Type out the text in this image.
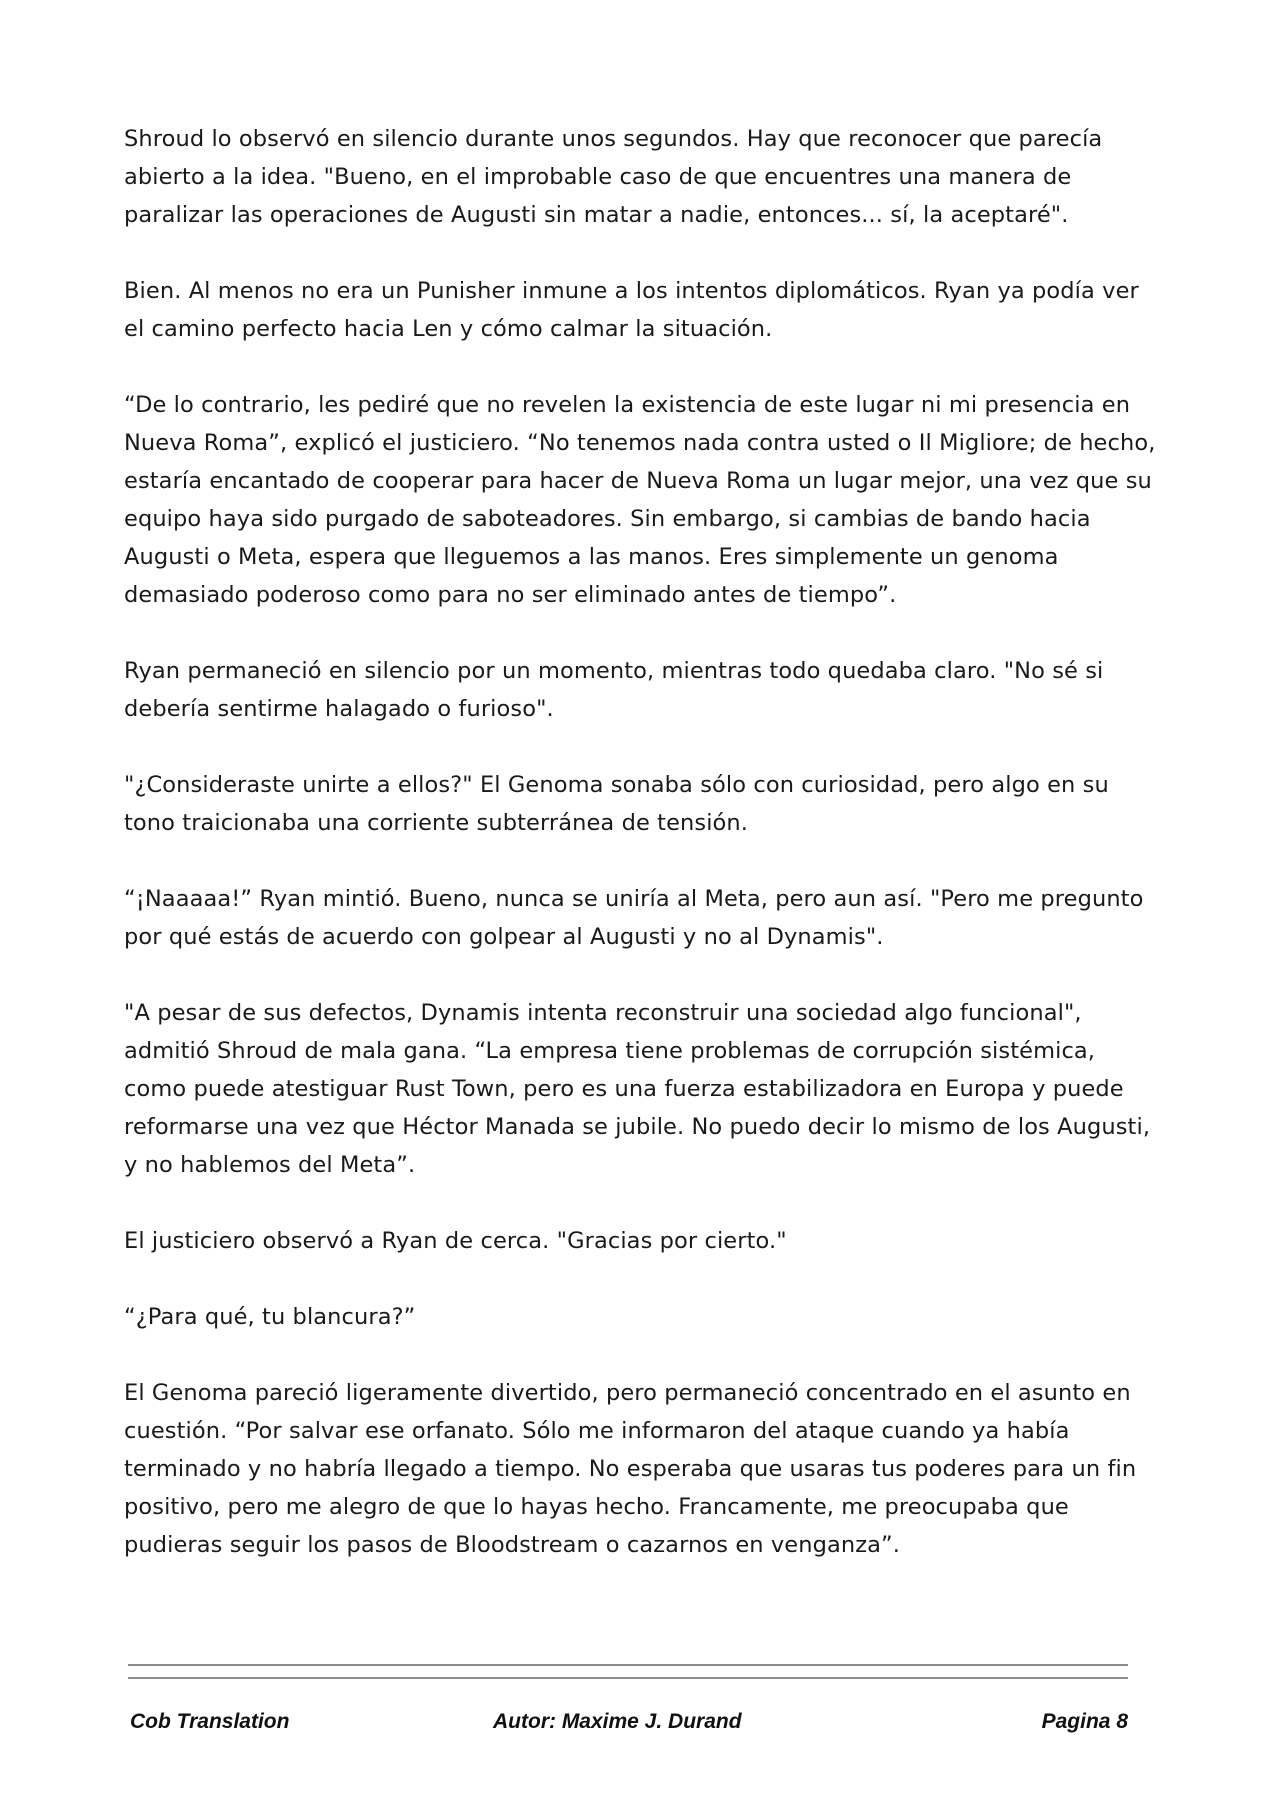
Shroud lo observó en silencio durante unos segundos. Hay que reconocer que parecía abierto a la idea. "Bueno, en el improbable caso de que encuentres una manera de paralizar las operaciones de Augusti sin matar a nadie, entonces... sí, la aceptaré".

Bien. Al menos no era un Punisher inmune a los intentos diplomáticos. Ryan ya podía ver el camino perfecto hacia Len y cómo calmar la situación.

“De lo contrario, les pediré que no revelen la existencia de este lugar ni mi presencia en Nueva Roma”, explicó el justiciero. “No tenemos nada contra usted o Il Migliore; de hecho, estaría encantado de cooperar para hacer de Nueva Roma un lugar mejor, una vez que su equipo haya sido purgado de saboteadores. Sin embargo, si cambias de bando hacia Augusti o Meta, espera que lleguemos a las manos. Eres simplemente un genoma demasiado poderoso como para no ser eliminado antes de tiempo”.

Ryan permaneció en silencio por un momento, mientras todo quedaba claro. "No sé si debería sentirme halagado o furioso".

"¿Consideraste unirte a ellos?" El Genoma sonaba sólo con curiosidad, pero algo en su tono traicionaba una corriente subterránea de tensión.

“¡Naaaaa!” Ryan mintió. Bueno, nunca se uniría al Meta, pero aun así. "Pero me pregunto por qué estás de acuerdo con golpear al Augusti y no al Dynamis".

"A pesar de sus defectos, Dynamis intenta reconstruir una sociedad algo funcional", admitió Shroud de mala gana. “La empresa tiene problemas de corrupción sistémica, como puede atestiguar Rust Town, pero es una fuerza estabilizadora en Europa y puede reformarse una vez que Héctor Manada se jubile. No puedo decir lo mismo de los Augusti, y no hablemos del Meta”.

El justiciero observó a Ryan de cerca. "Gracias por cierto."

“¿Para qué, tu blancura?”

El Genoma pareció ligeramente divertido, pero permaneció concentrado en el asunto en cuestión. “Por salvar ese orfanato. Sólo me informaron del ataque cuando ya había terminado y no habría llegado a tiempo. No esperaba que usaras tus poderes para un fin positivo, pero me alegro de que lo hayas hecho. Francamente, me preocupaba que pudieras seguir los pasos de Bloodstream o cazarnos en venganza”.

Cob Translation	Autor: Maxime J. Durand	Pagina 8
